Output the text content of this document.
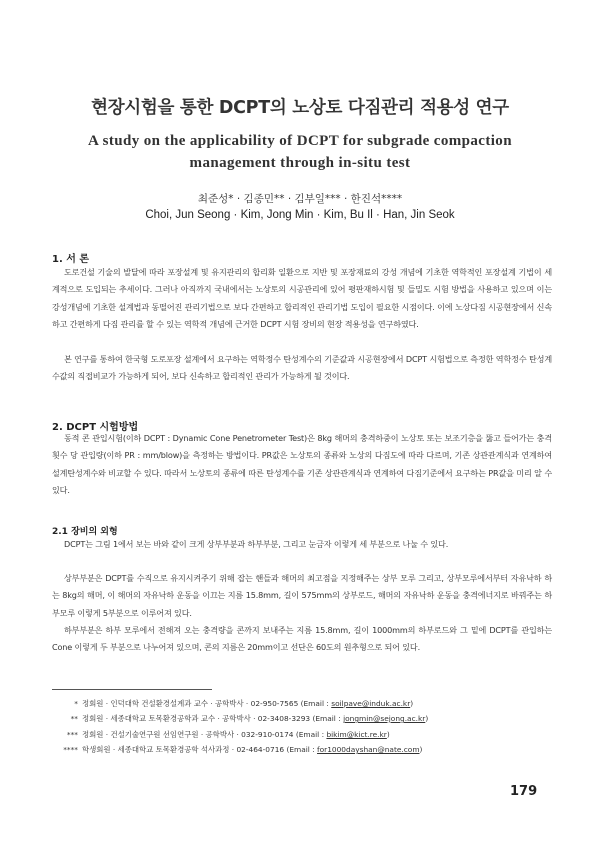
현장시험을 통한 DCPT의 노상토 다짐관리 적용성 연구
A study on the applicability of DCPT for subgrade compaction
management through in-situ test
최준성* · 김종민** · 김부일*** · 한진석****
Choi, Jun Seong · Kim, Jong Min · Kim, Bu Il · Han, Jin Seok
1. 서 론
도로건설 기술의 발달에 따라 포장설계 및 유지관리의 합리화 일환으로 지반 및 포장재료의 강성 개념에 기초한 역학적인 포장설계 기법이 세계적으로 도입되는 추세이다. 그러나 아직까지 국내에서는 노상토의 시공관리에 있어 평판재하시험 및 들밀도 시험 방법을 사용하고 있으며 이는 강성개념에 기초한 설계법과 동떨어진 관리기법으로 보다 간편하고 합리적인 관리기법 도입이 필요한 시점이다. 이에 노상다짐 시공현장에서 신속하고 간편하게 다짐 관리를 할 수 있는 역학적 개념에 근거한 DCPT 시험 장비의 현장 적용성을 연구하였다.
본 연구를 통하여 한국형 도로포장 설계에서 요구하는 역학정수 탄성계수의 기준값과 시공현장에서 DCPT 시험법으로 측정한 역학정수 탄성계수값의 직접비교가 가능하게 되어, 보다 신속하고 합리적인 관리가 가능하게 될 것이다.
2. DCPT 시험방법
동적 콘 관입시험(이하 DCPT : Dynamic Cone Penetrometer Test)은 8kg 해머의 충격하중이 노상토 또는 보조기층을 뚫고 들어가는 충격횟수 당 관입량(이하 PR : mm/blow)을 측정하는 방법이다. PR값은 노상토의 종류와 노상의 다짐도에 따라 다르며, 기존 상관관계식과 연계하여 설계탄성계수와 비교할 수 있다. 따라서 노상토의 종류에 따른 탄성계수를 기존 상관관계식과 연계하여 다짐기준에서 요구하는 PR값을 미리 알 수 있다.
2.1 장비의 외형
DCPT는 그림 1에서 보는 바와 같이 크게 상부부분과 하부부분, 그리고 눈금자 이렇게 세 부분으로 나눌 수 있다.
상부부분은 DCPT를 수직으로 유지시켜주기 위해 잡는 핸들과 해머의 최고점을 지정해주는 상부 모루 그리고, 상부모루에서부터 자유낙하 하는 8kg의 해머, 이 해머의 자유낙하 운동을 이끄는 지름 15.8mm, 길이 575mm의 상부로드, 해머의 자유낙하 운동을 충격에너지로 바꿔주는 하부모루 이렇게 5부분으로 이루어져 있다.
하부부분은 하부 모루에서 전해져 오는 충격량을 콘까지 보내주는 지름 15.8mm, 길이 1000mm의 하부로드와 그 밑에 DCPT를 관입하는 Cone 이렇게 두 부분으로 나누어져 있으며, 콘의 지름은 20mm이고 선단은 60도의 원추형으로 되어 있다.
* 정회원 · 인덕대학 건설환경설계과 교수 · 공학박사 · 02-950-7565 (Email : soilpave@induk.ac.kr)
** 정회원 · 세종대학교 토목환경공학과 교수 · 공학박사 · 02-3408-3293 (Email : jongmin@sejong.ac.kr)
*** 정회원 · 건설기술연구원 선임연구원 · 공학박사 · 032-910-0174 (Email : bikim@kict.re.kr)
**** 학생회원 · 세종대학교 토목환경공학 석사과정 · 02-464-0716 (Email : for1000dayshan@nate.com)
179
